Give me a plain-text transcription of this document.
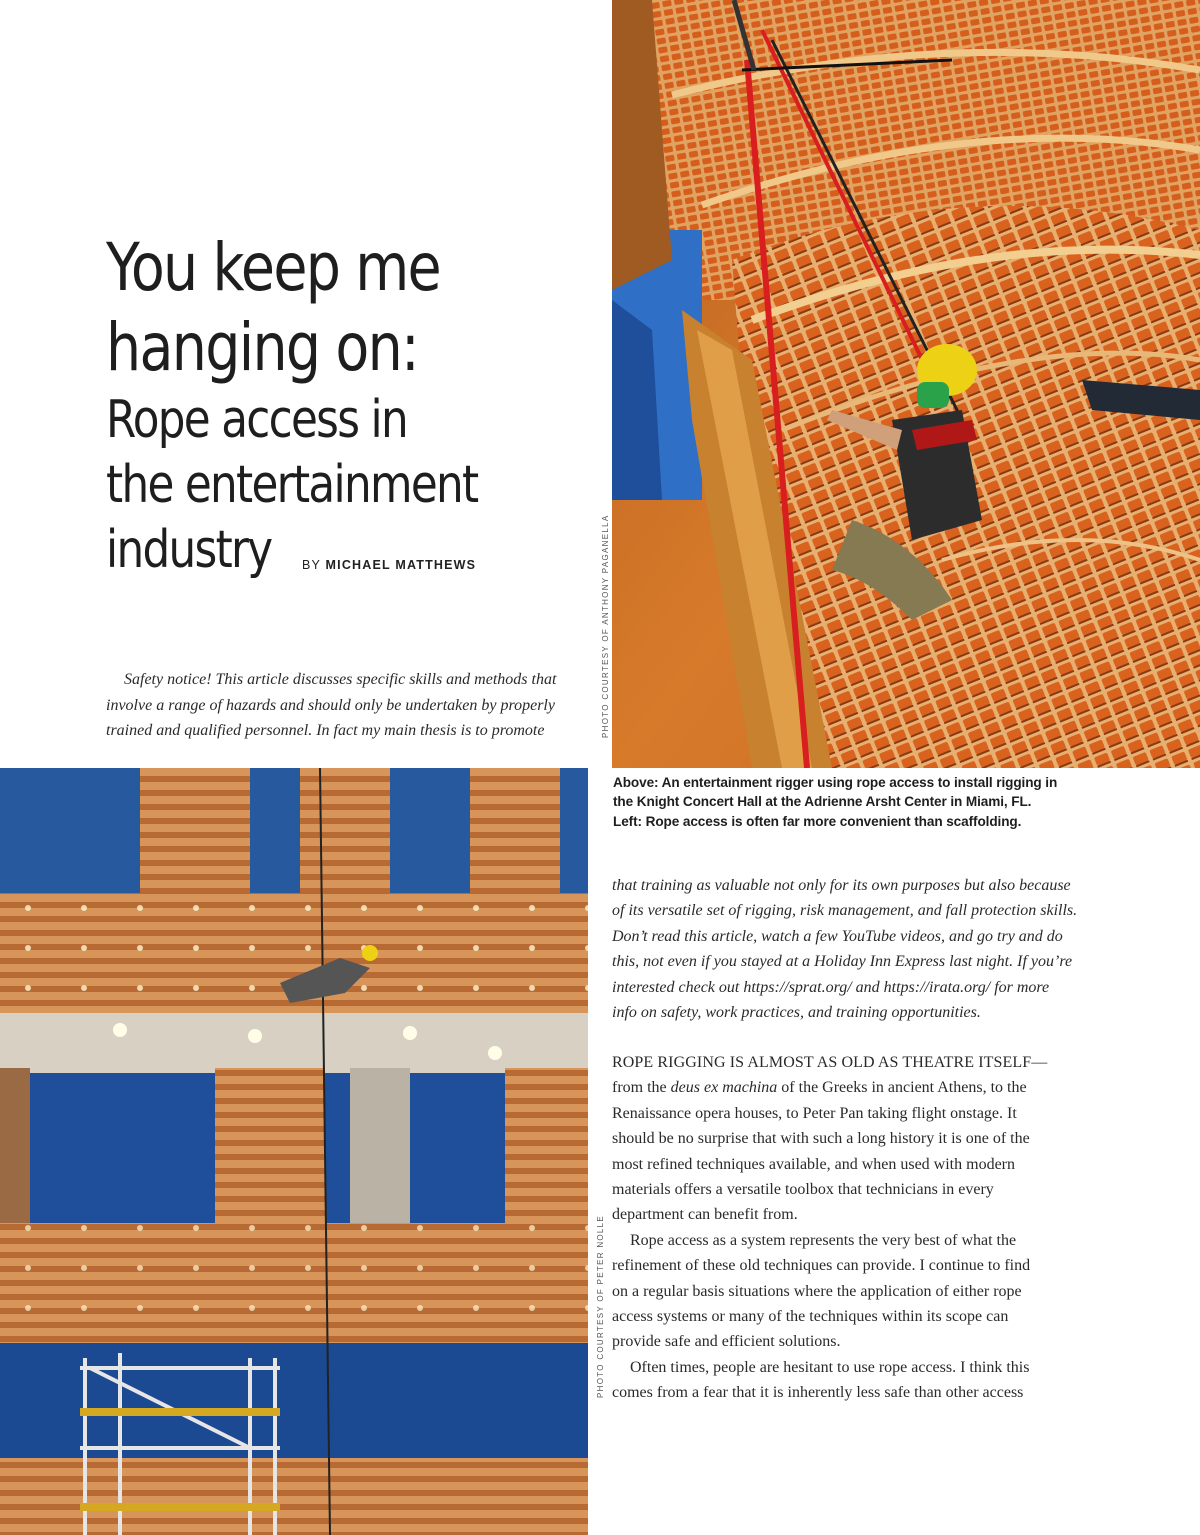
You keep me
hanging on:
Rope access in
the entertainment
industry	BY MICHAEL MATTHEWS

Safety notice! This article discusses specific skills and methods that
involve a range of hazards and should only be undertaken by properly
trained and qualified personnel. In fact my main thesis is to promote	PHOTO COURTESY OF ANTHONY PAGANELLA
PHOTO COURTESY OF PETER NOLLE

Above: An entertainment rigger using rope access to install rigging in
the Knight Concert Hall at the Adrienne Arsht Center in Miami, FL.
Left: Rope access is often far more convenient than scaffolding.

that training as valuable not only for its own purposes but also because
of its versatile set of rigging, risk management, and fall protection skills.
Don’t read this article, watch a few YouTube videos, and go try and do
this, not even if you stayed at a Holiday Inn Express last night. If you’re
interested check out https://sprat.org/ and https://irata.org/ for more
info on safety, work practices, and training opportunities.

ROPE RIGGING IS ALMOST AS OLD AS THEATRE ITSELF—
from the deus ex machina of the Greeks in ancient Athens, to the
Renaissance opera houses, to Peter Pan taking flight onstage. It
should be no surprise that with such a long history it is one of the
most refined techniques available, and when used with modern
materials offers a versatile toolbox that technicians in every
department can benefit from.

Rope access as a system represents the very best of what the
refinement of these old techniques can provide. I continue to find
on a regular basis situations where the application of either rope
access systems or many of the techniques within its scope can
provide safe and efficient solutions.

Often times, people are hesitant to use rope access. I think this
comes from a fear that it is inherently less safe than other access
